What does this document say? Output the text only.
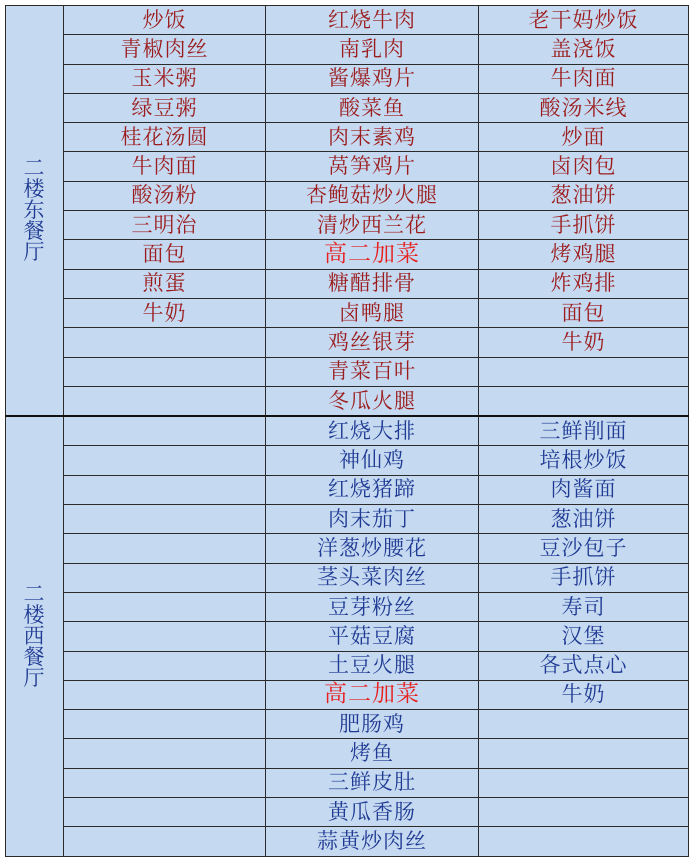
二
楼
东
餐
厅	炒饭	红烧牛肉	老干妈炒饭
	青椒肉丝	南乳肉	盖浇饭
	玉米粥	酱爆鸡片	牛肉面
	绿豆粥	酸菜鱼	酸汤米线
	桂花汤圆	肉末素鸡	炒面
	牛肉面	莴笋鸡片	卤肉包
	酸汤粉	杏鲍菇炒火腿	葱油饼
	三明治	清炒西兰花	手抓饼
	面包	高二加菜	烤鸡腿
	煎蛋	糖醋排骨	炸鸡排
	牛奶	卤鸭腿	面包
		鸡丝银芽	牛奶
		青菜百叶	
		冬瓜火腿	

二
楼
西
餐
厅		红烧大排	三鲜削面
		神仙鸡	培根炒饭
		红烧猪蹄	肉酱面
		肉末茄丁	葱油饼
		洋葱炒腰花	豆沙包子
		茎头菜肉丝	手抓饼
		豆芽粉丝	寿司
		平菇豆腐	汉堡
		土豆火腿	各式点心
		高二加菜	牛奶
		肥肠鸡	
		烤鱼	
		三鲜皮肚	
		黄瓜香肠	
		蒜黄炒肉丝	
